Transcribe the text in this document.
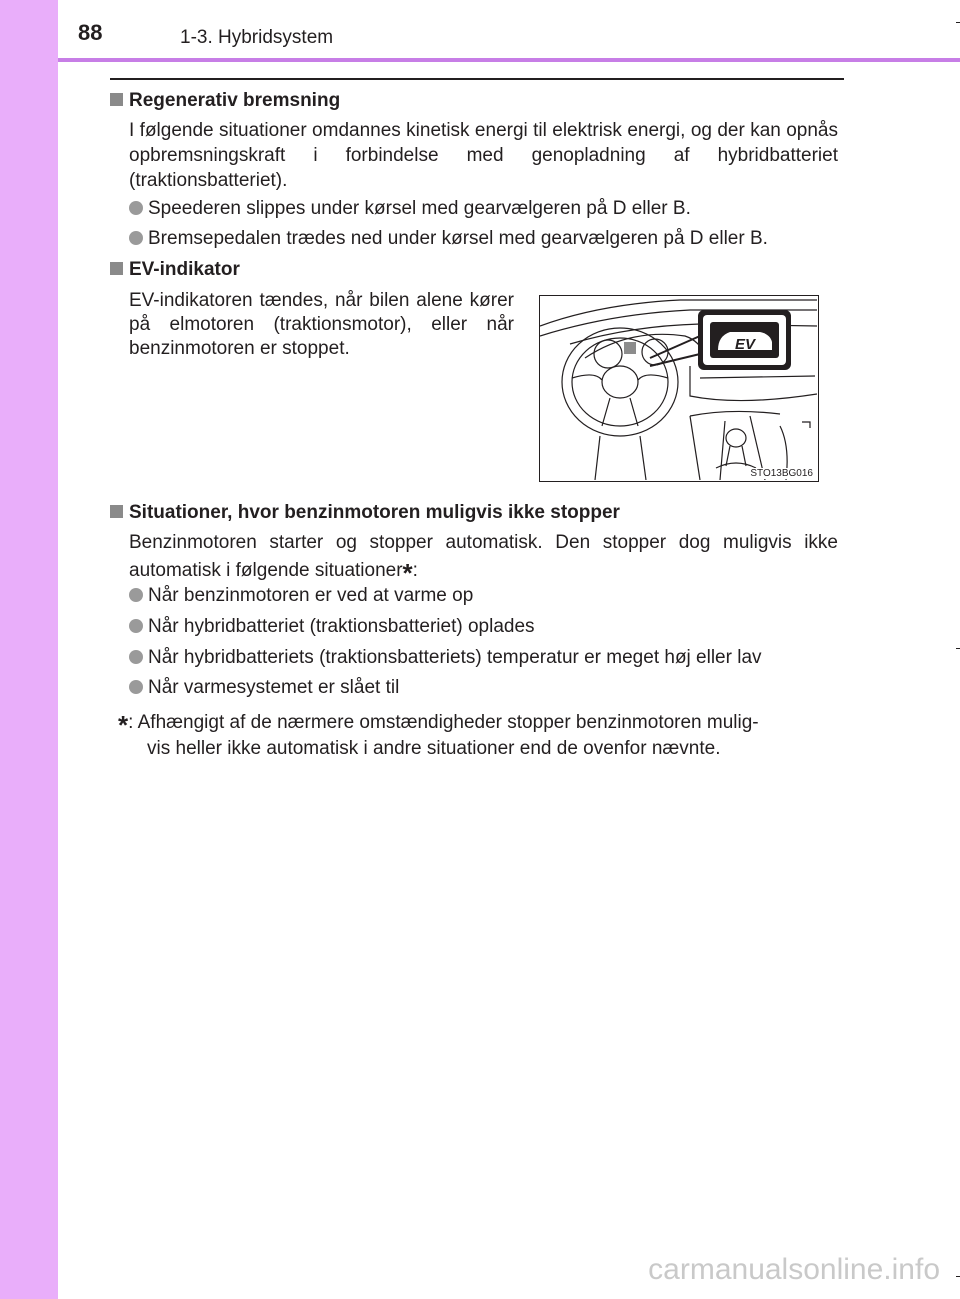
88	1-3. Hybridsystem
Regenerativ bremsning
I følgende situationer omdannes kinetisk energi til elektrisk energi, og der kan opnås opbremsningskraft i forbindelse med genopladning af hybridbatteriet (traktionsbatteriet).
Speederen slippes under kørsel med gearvælgeren på D eller B.
Bremsepedalen trædes ned under kørsel med gearvælgeren på D eller B.
EV-indikator
EV-indikatoren tændes, når bilen alene kører på elmotoren (traktionsmotor), eller når benzinmotoren er stoppet.	EV
STO13BG016
Situationer, hvor benzinmotoren muligvis ikke stopper
Benzinmotoren starter og stopper automatisk. Den stopper dog muligvis ikke automatisk i følgende situationer*:
Når benzinmotoren er ved at varme op
Når hybridbatteriet (traktionsbatteriet) oplades
Når hybridbatteriets (traktionsbatteriets) temperatur er meget høj eller lav
Når varmesystemet er slået til
*: Afhængigt af de nærmere omstændigheder stopper benzinmotoren mulig-
vis heller ikke automatisk i andre situationer end de ovenfor nævnte.
carmanualsonline.info
